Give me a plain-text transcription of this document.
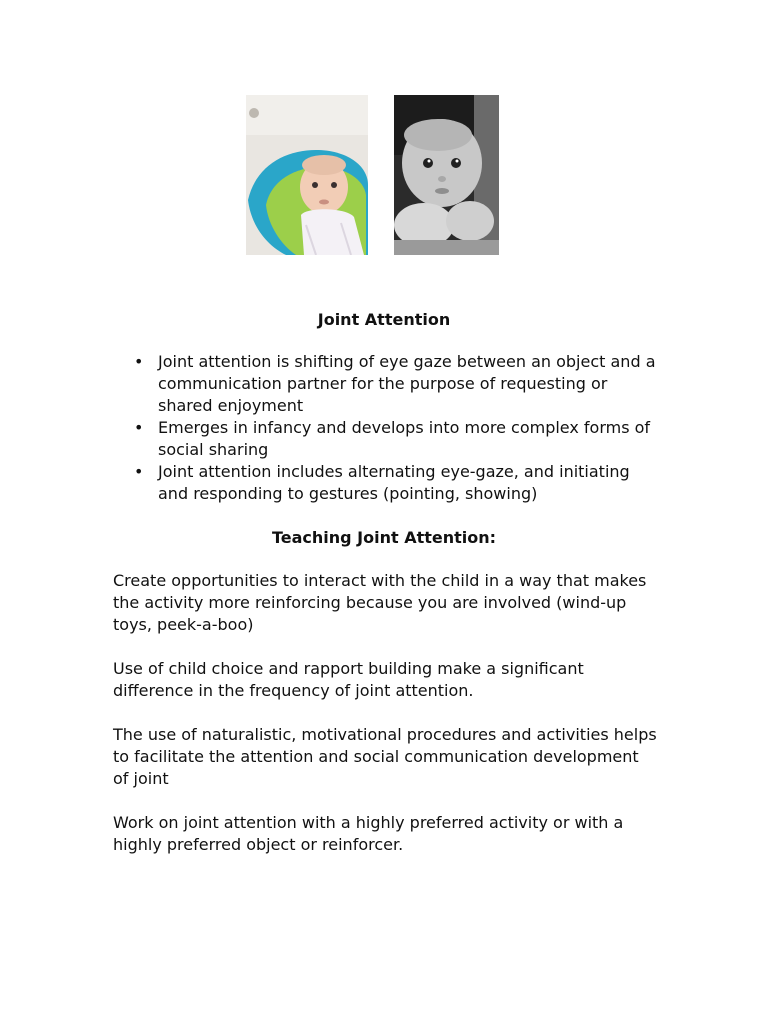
Joint Attention
• Joint attention is shifting of eye gaze between an object and a communication partner for the purpose of requesting or shared enjoyment
• Emerges in infancy and develops into more complex forms of social sharing
• Joint attention includes alternating eye-gaze, and initiating and responding to gestures (pointing, showing)
Teaching Joint Attention:

Create opportunities to interact with the child in a way that makes the activity more reinforcing because you are involved (wind-up toys, peek-a-boo)

Use of child choice and rapport building make a significant difference in the frequency of joint attention.

The use of naturalistic, motivational procedures and activities helps to facilitate the attention and social communication development of joint

Work on joint attention with a highly preferred activity or with a highly preferred object or reinforcer.
